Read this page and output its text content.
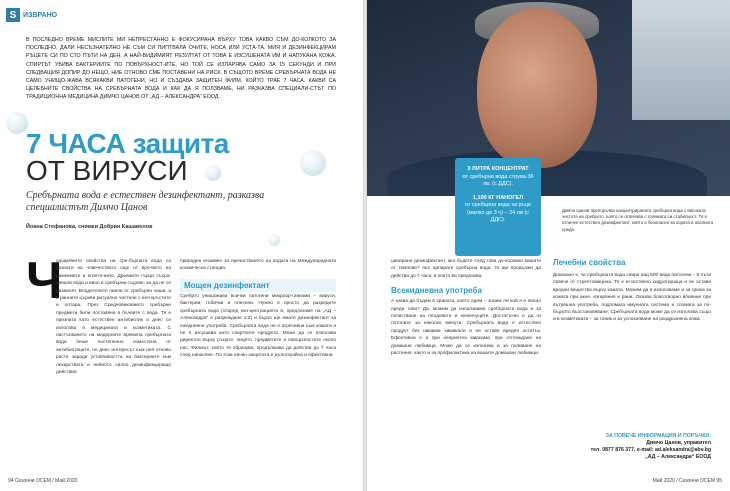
S ИЗВРАНО
В ПОСЛЕДНО ВРЕМЕ МИСЛИТЕ МИ НЕПРЕСТАННО Е ФОКУСИРАНА ВЪРХУ ТОВА КАКВО СЪМ ДО-КОЛКОТО ЗА ПОСЛЕДНО, ДАЛИ НЕСЪЗНАТЕЛНО НЕ СЪМ СИ ПИПТВАЛА ОЧИТЕ, НОСА ИЛИ УСТА-ТА. МИЯ И ДЕЗИНФЕКЦИРАМ РЪЦЕТЕ СИ ПО СТО ПЪТИ НА ДЕН. А НАЙ-ВИДИМИЯТ РЕЗУЛТАТ ОТ ТОВА Е ИЗСУШЕНАТА ИМ И НАПУКАНА КОЖА. СПИРТЪТ УБИВА БАКТЕРИИТЕ ПО ПОВЪРХНОСТ-ИТЕ, НО ТОЙ СЕ ИЗПАРЯВА САМО ЗА 15 СЕКУНДИ И ПРИ СЛЕДВАЩИЯ ДОПИР ДО НЕЩО, НИЕ ОТНОВО СМЕ ПОСТАВЕНИ НА РИСК. В СЪЩОТО ВРЕМЕ СРЕБЪРНАТА ВОДА НЕ САМО УНИЩО-ЖАВА ВСЯКАКВИ ПАТОГЕНИ, НО И СЪЗДАВА ЗАЩИТЕН ФИЛМ, КОЙТО ТРАЕ 7 ЧАСА. КАКВИ СА ЦЕЛЕБНИТЕ СВОЙСТВА НА СРЕБЪРНАТА ВОДА И КАК ДА Я ПОЛЗВАМЕ, НИ РАЗКАЗВА СПЕЦИАЛИ-СТЪТ ПО ТРАДИЦИОННА МЕДИЦИНА ДИМЧО ЦАНОВ ОТ „АД – АЛЕКСАНДРА“ ЕООД.
7 ЧАСА защита
ОТ ВИРУСИ
Сребърната вода е естествен дезинфектант, разказва специалистът Димчо Цанов
Йоана Стефанова, снимки Добрин Кашавелов
Ч
удодейните свойства на сре-бърната вода са познати на човечеството още от вре-мето на рамкемите и египтя-ните. Древните гърци съхра-нявали вода и вино в сребърни съдове, за да не се развалят. Владетелите пиели от сребърни чаши, а в ранните църкви ритуално чистели с нея кръстите и олтара. През Средновековието сребърни предмети били поставяни в бъчвите с вода. Тя е призната като естествен антибиотик и днес се използва в медицината и козметиката. С настъпването на модерните времена сребърната вода беше постепенно изместена от антибиотиците, но днес интересът към нея отново расте заради устойчивостта на бактериите към лекарствата и нейното силно дезинфекциращо действие.
природен ензимен за пречистването на водата на Международната космическа станция.
Мощен дезинфектант
Сребрто унищожава всички патогени микроор-ганизми – вируси, бактерии, гъбички и плесени. Нужно е просто да разредите сребърната вода (според кон-центрацията ѝ, предлагаме на „АД – Александра“ е разреждане 1:2) и бързо ще имате дезинфектант за ежедневна употреба. Сребърната вода не е агресивна към кожата и не я изсушава като спиртните продукти. Може да се използва директно върху ръцете, лицето, предметите и повърхностите около нас. Филмът, който тя образува, продължава да действа до 7 часа след нанасяне. По този начин защитата е дълготрайна и ефективна.
94 Сезонни ОСЕМ / Май 2020
3 ЛИТРА КОНЦЕНТРАТ
от сребърна вода струва 36 лв. (с ДДС).
1,100 КГ НАНОГЕЛ
от сребърна вода за ръце (малко до 3 ч) – 24 лв (с ДДС).
Димчо Цанов препоръчва концентрираната сребърна вода с високата чистота на среброто, която се отличава с голямата си стабилност. Тя е отличен естествен дезинфектант, който е безопасен за хората и околната среда.
ципиране дезинфектант, ако бъдете след това до-косвани вашите от темпове? Ако ципирате сребърна вода, тя ще продължи да действа до 7 часа, в които ви предпазва.
Всекидневна употреба
А каква да бъдем в храната, която ядем – знаем ли кой я е пипал преди това? Да, можем да използваме сребърната вода и за почистване на плодовете и зеленчуците. Достатъчно е да ги потопите за няколко минути. Сребърната вода е естествен продукт без никакви химикали и не оставя вреден остатък. Ефективна е и при неприятна миризма, при отглеждане на домашни любимци. Може да се използва и за поливане на растения, както и за профилактика на вашите домашни любимци.
Лечебни свойства
Доказано е, че сребърната вода спира над 500 вида патогени – 8 пъти повече от стрептомицина. Тя е естествено хидратираща и не оставя вредни вещества върху кожата. Можем да я използваме и за грижа за кожата при акне, изгаряния и рани. Оказва благотворно влияние при вътрешна употреба, подпомага имунната система и спомага за по-бързото възстановяване. Сребърната вода може да се използва също и в козметиката – за тоник и за успокояване на раздразнена кожа.
ЗА ПОВЕЧЕ ИНФОРМАЦИЯ И ПОРЪЧКИ:
Димчо Цанов, управител
тел. 0877 876 377, e-mail: ad.aleksandra@abv.bg
„АД – Александра“ ЕООД
Май 2020 / Сезонни ОСЕМ 95
